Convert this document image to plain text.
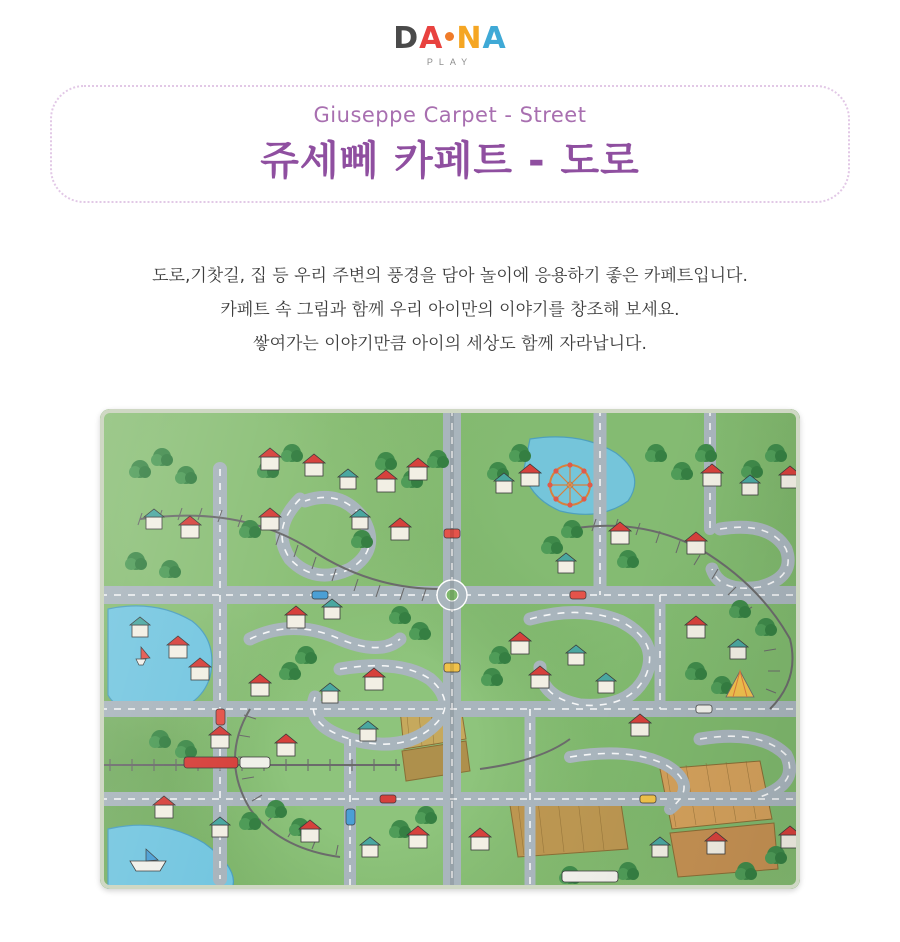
DA NA
PLAY
Giuseppe Carpet - Street
쥬세뻬 카페트 - 도로
도로,기찻길, 집 등 우리 주변의 풍경을 담아 놀이에 응용하기 좋은 카페트입니다.
카페트 속 그림과 함께 우리 아이만의 이야기를 창조해 보세요.
쌓여가는 이야기만큼 아이의 세상도 함께 자라납니다.
